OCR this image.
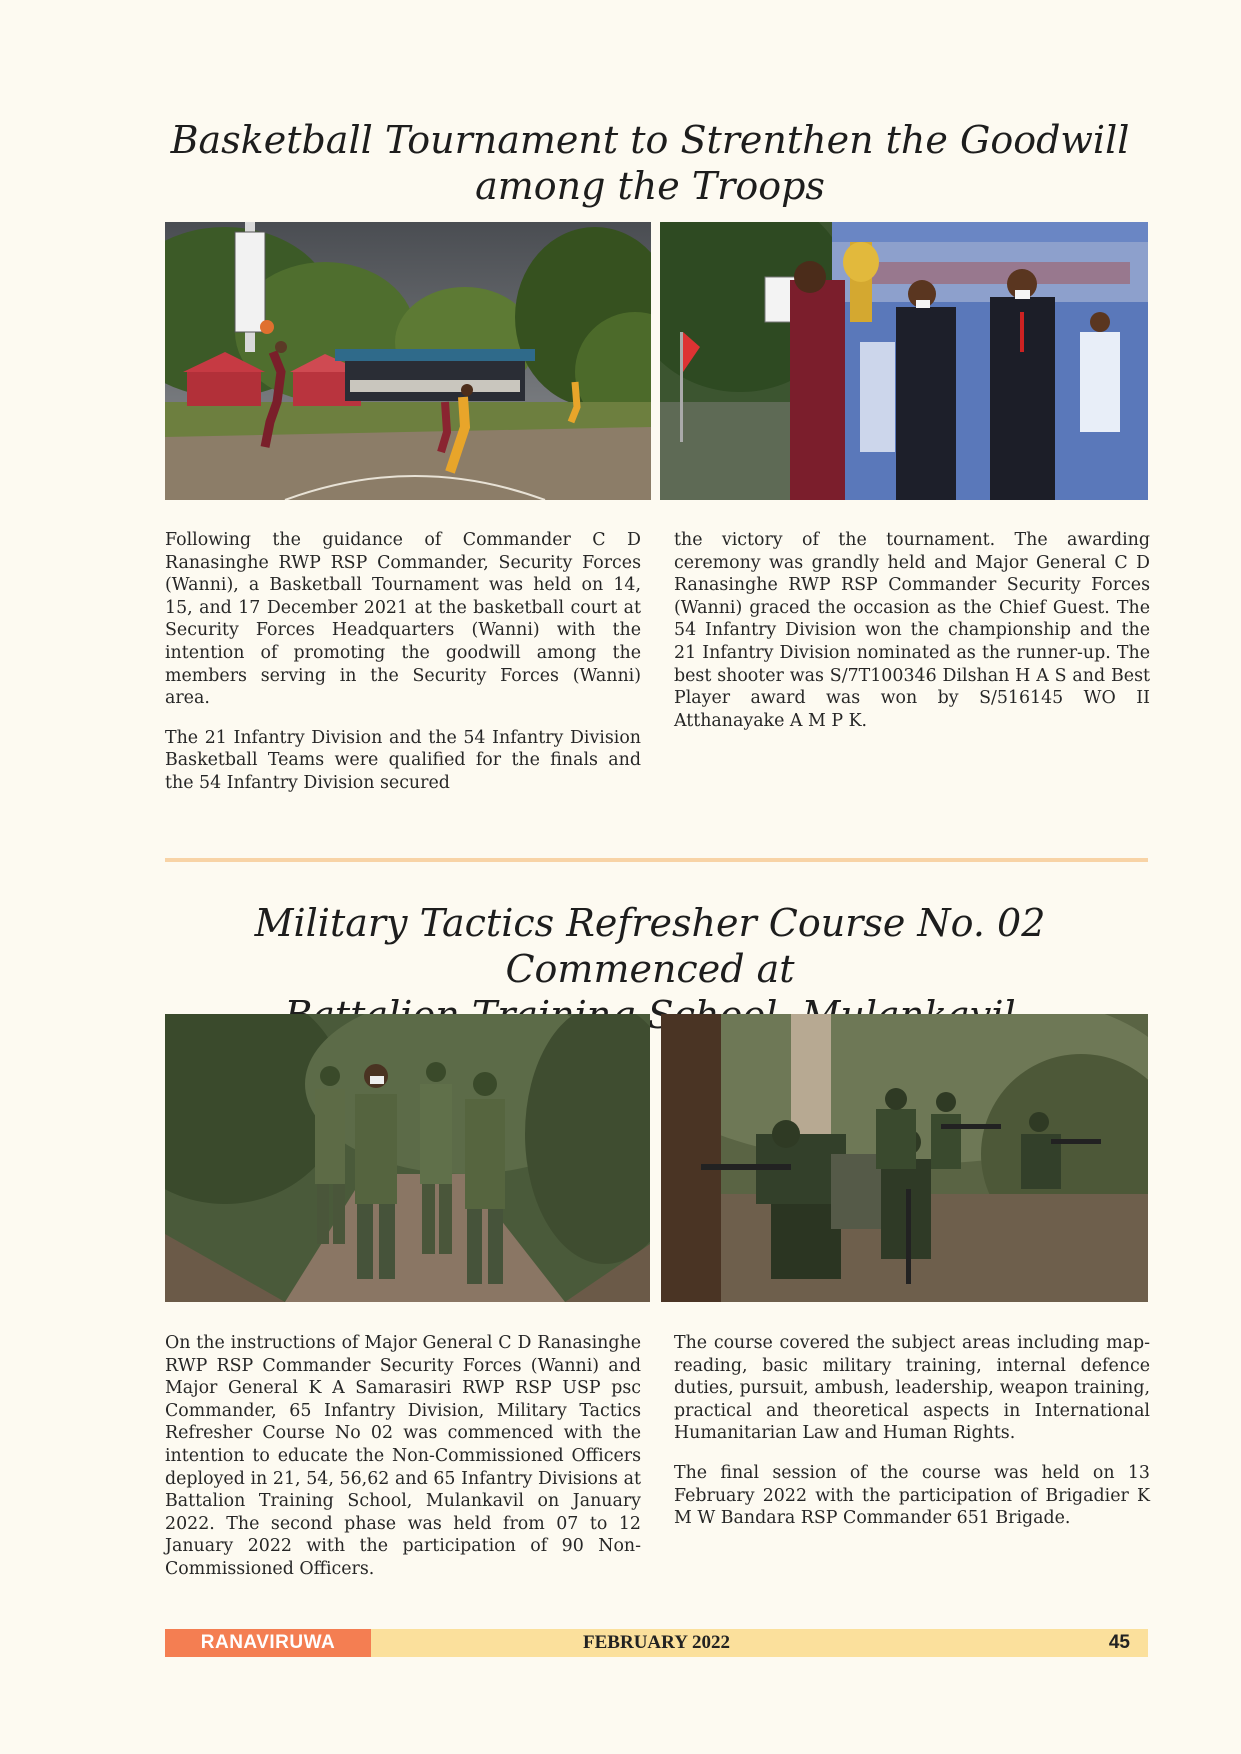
Basketball Tournament to Strenthen the Goodwill
among the Troops

Following the guidance of Commander C D Ranasinghe RWP RSP Commander, Security Forces (Wanni), a Basketball Tournament was held on 14, 15, and 17 December 2021 at the basketball court at Security Forces Headquarters (Wanni) with the intention of promoting the goodwill among the members serving in the Security Forces (Wanni) area.

The 21 Infantry Division and the 54 Infantry Division Basketball Teams were qualified for the finals and the 54 Infantry Division secured

the victory of the tournament. The awarding ceremony was grandly held and Major General C D Ranasinghe RWP RSP Commander Security Forces (Wanni) graced the occasion as the Chief Guest. The 54 Infantry Division won the championship and the 21 Infantry Division nominated as the runner-up. The best shooter was S/7T100346 Dilshan H A S and Best Player award was won by S/516145 WO II Atthanayake A M P K.

Military Tactics Refresher Course No. 02 Commenced at

On the instructions of Major General C D Ranasinghe RWP RSP Commander Security Forces (Wanni) and Major General K A Samarasiri RWP RSP USP psc Commander, 65 Infantry Division, Military Tactics Refresher Course No 02 was commenced with the intention to educate the Non-Commissioned Officers deployed in 21, 54, 56,62 and 65 Infantry Divisions at Battalion Training School, Mulankavil on January 2022. The second phase was held from 07 to 12 January 2022 with the participation of 90 Non- Commissioned Officers.

The course covered the subject areas including map-reading, basic military training, internal defence duties, pursuit, ambush, leadership, weapon training, practical and theoretical aspects in International Humanitarian Law and Human Rights.

The final session of the course was held on 13 February 2022 with the participation of Brigadier K M W Bandara RSP Commander 651 Brigade.

RANAVIRUWA	FEBRUARY 2022	45
